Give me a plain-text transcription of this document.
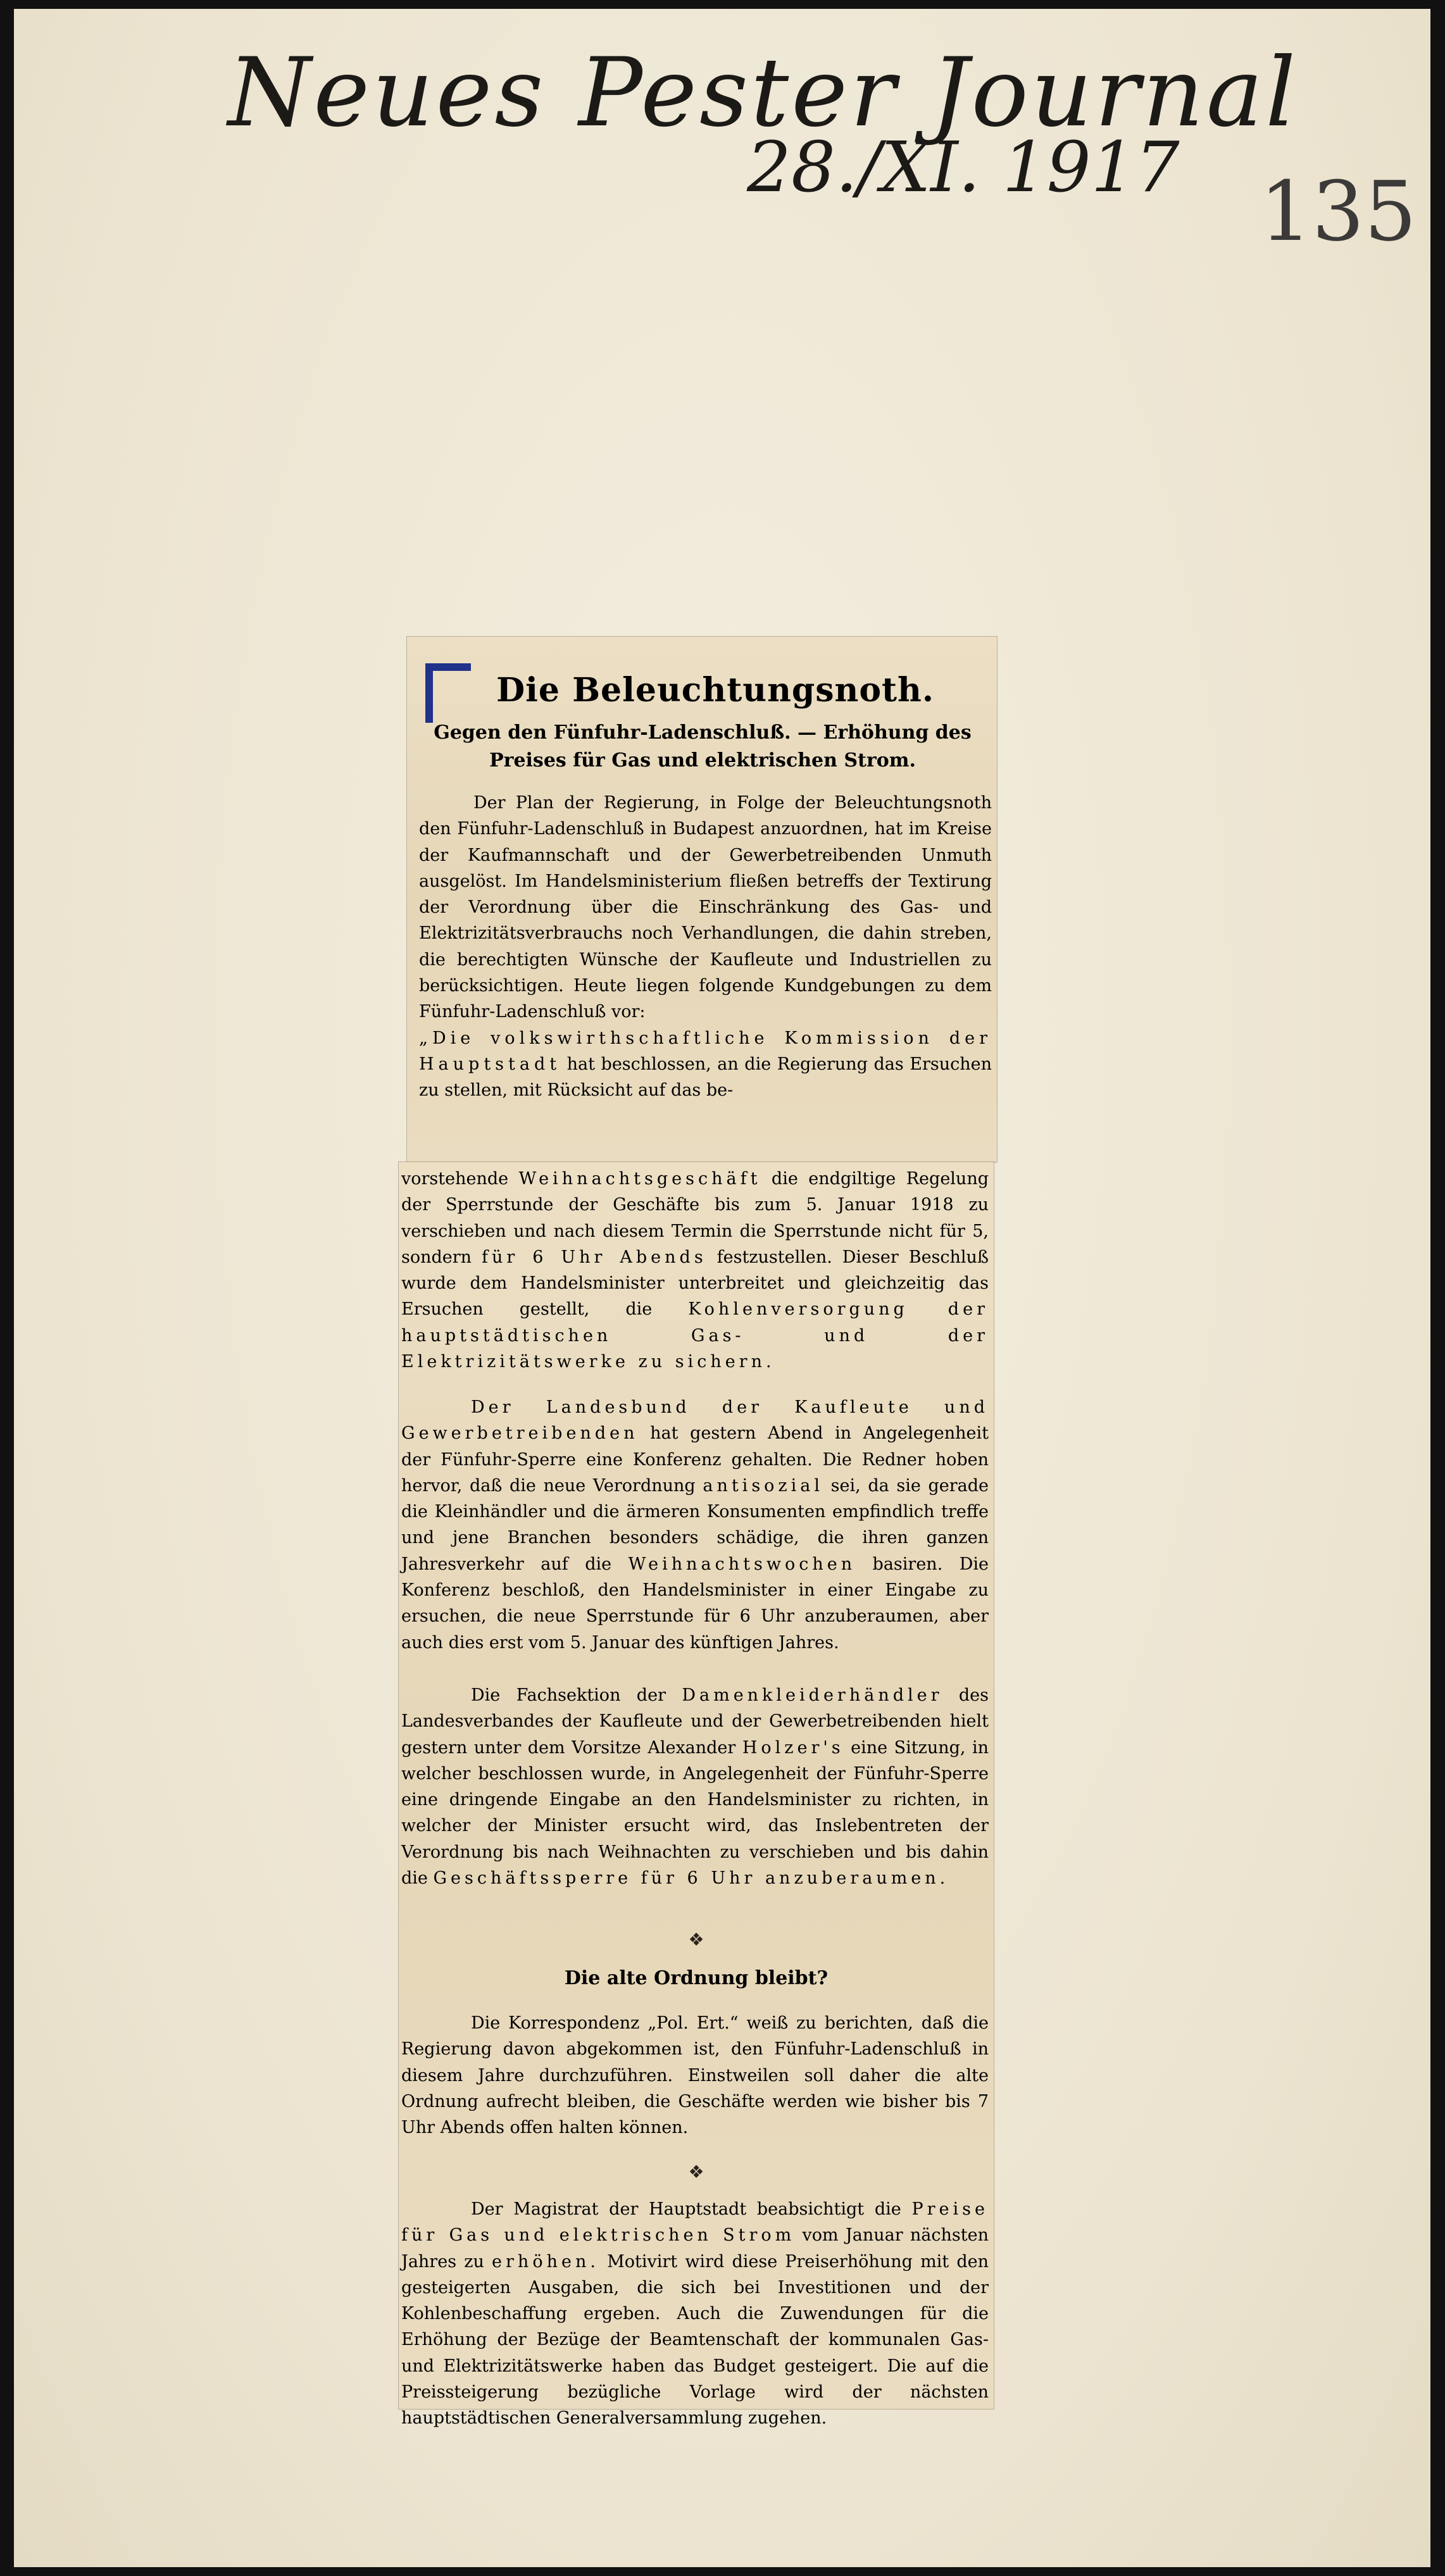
Neues Pester Journal
28./XI. 1917 135
Die Beleuchtungsnoth.
Gegen den Fünfuhr-Ladenschluß. — Erhöhung des Preises für Gas und elektrischen Strom.
Der Plan der Regierung, in Folge der Beleuchtungsnoth den Fünfuhr-Ladenschluß in Budapest anzuordnen, hat im Kreise der Kaufmannschaft und der Gewerbetreibenden Unmuth ausgelöst. Im Handelsministerium fließen betreffs der Textirung der Verordnung über die Einschränkung des Gas- und Elektrizitätsverbrauchs noch Verhandlungen, die dahin streben, die berechtigten Wünsche der Kaufleute und Industriellen zu berücksichtigen. Heute liegen folgende Kundgebungen zu dem Fünfuhr-Ladenschluß vor:
„Die volkswirthschaftliche Kommission der Hauptstadt hat beschlossen, an die Regierung das Ersuchen zu stellen, mit Rücksicht auf das be-
vorstehende Weihnachtsgeschäft die endgiltige Regelung der Sperrstunde der Geschäfte bis zum 5. Januar 1918 zu verschieben und nach diesem Termin die Sperrstunde nicht für 5, sondern für 6 Uhr Abends festzustellen. Dieser Beschluß wurde dem Handelsminister unterbreitet und gleichzeitig das Ersuchen gestellt, die Kohlenversorgung der hauptstädtischen Gas- und der Elektrizitätswerke zu sichern.
Der Landesbund der Kaufleute und Gewerbetreibenden hat gestern Abend in Angelegenheit der Fünfuhr-Sperre eine Konferenz gehalten. Die Redner hoben hervor, daß die neue Verordnung antisozial sei, da sie gerade die Kleinhändler und die ärmeren Konsumenten empfindlich treffe und jene Branchen besonders schädige, die ihren ganzen Jahresverkehr auf die Weihnachtswochen basiren. Die Konferenz beschloß, den Handelsminister in einer Eingabe zu ersuchen, die neue Sperrstunde für 6 Uhr anzuberaumen, aber auch dies erst vom 5. Januar des künftigen Jahres.
Die Fachsektion der Damenkleiderhändler des Landesverbandes der Kaufleute und der Gewerbetreibenden hielt gestern unter dem Vorsitze Alexander Holzer's eine Sitzung, in welcher beschlossen wurde, in Angelegenheit der Fünfuhr-Sperre eine dringende Eingabe an den Handelsminister zu richten, in welcher der Minister ersucht wird, das Inslebentreten der Verordnung bis nach Weihnachten zu verschieben und bis dahin die Geschäftssperre für 6 Uhr anzuberaumen.
❖
Die alte Ordnung bleibt?
Die Korrespondenz „Pol. Ert.“ weiß zu berichten, daß die Regierung davon abgekommen ist, den Fünfuhr-Ladenschluß in diesem Jahre durchzuführen. Einstweilen soll daher die alte Ordnung aufrecht bleiben, die Geschäfte werden wie bisher bis 7 Uhr Abends offen halten können.
❖
Der Magistrat der Hauptstadt beabsichtigt die Preise für Gas und elektrischen Strom vom Januar nächsten Jahres zu erhöhen. Motivirt wird diese Preiserhöhung mit den gesteigerten Ausgaben, die sich bei Investitionen und der Kohlenbeschaffung ergeben. Auch die Zuwendungen für die Erhöhung der Bezüge der Beamtenschaft der kommunalen Gas- und Elektrizitätswerke haben das Budget gesteigert. Die auf die Preissteigerung bezügliche Vorlage wird der nächsten hauptstädtischen Generalversammlung zugehen.
